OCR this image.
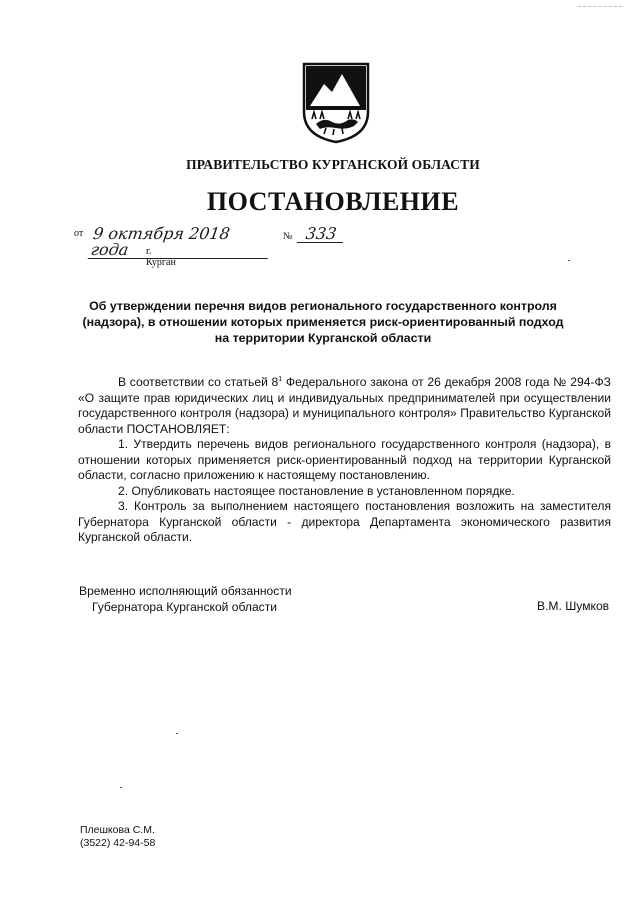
ПРАВИТЕЛЬСТВО КУРГАНСКОЙ ОБЛАСТИ
ПОСТАНОВЛЕНИЕ
от 9 октября 2018 года
№ 333
г. Курган
Об утверждении перечня видов регионального государственного контроля (надзора), в отношении которых применяется риск-ориентированный подход на территории Курганской области

В соответствии со статьей $8^1$ Федерального закона от 26 декабря 2008 года № 294-ФЗ «О защите прав юридических лиц и индивидуальных предпринимателей при осуществлении государственного контроля (надзора) и муниципального контроля» Правительство Курганской области ПОСТАНОВЛЯЕТ:

1. Утвердить перечень видов регионального государственного контроля (надзора), в отношении которых применяется риск-ориентированный подход на территории Курганской области, согласно приложению к настоящему постановлению.

2. Опубликовать настоящее постановление в установленном порядке.

3. Контроль за выполнением настоящего постановления возложить на заместителя Губернатора Курганской области - директора Департамента экономического развития Курганской области.

Временно исполняющий обязанности
Губернатора Курганской области	В.М. Шумков
Плешкова С.М.
(3522) 42-94-58
